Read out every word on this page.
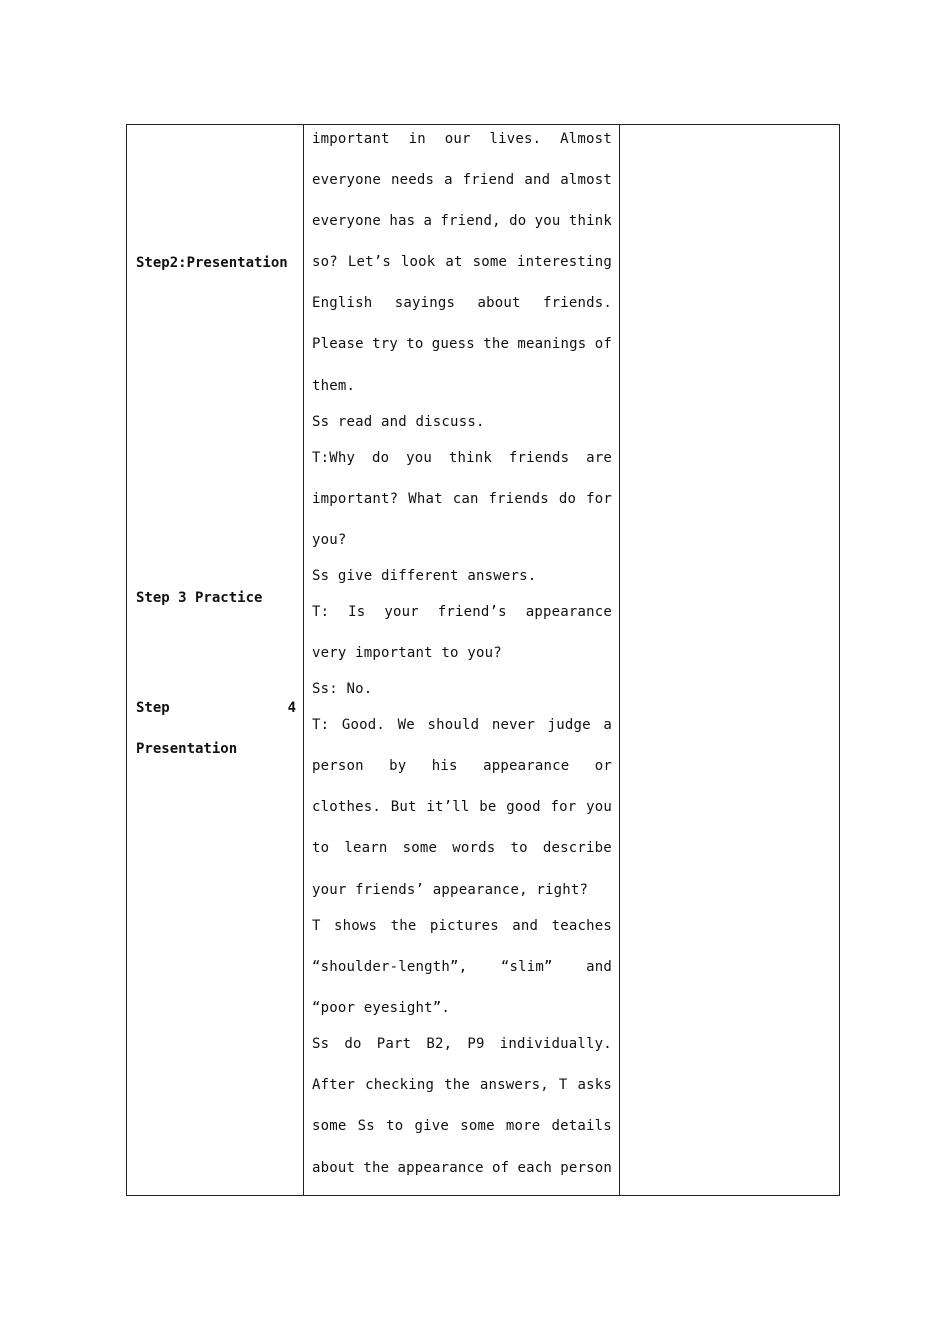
Step2:Presentation
Step 3 Practice
Step	4
Presentation
important in our lives. Almost
everyone needs a friend and almost
everyone has a friend, do you think
so? Let’s look at some interesting
English sayings about friends.
Please try to guess the meanings of
them.
Ss read and discuss.
T:Why do you think friends are
important? What can friends do for
you?
Ss give different answers.
T: Is your friend’s appearance
very important to you?
Ss: No.
T: Good. We should never judge a
person by his appearance or
clothes. But it’ll be good for you
to learn some words to describe
your friends’ appearance, right?
T shows the pictures and teaches
“shoulder-length”, “slim” and
“poor eyesight”.
Ss do Part B2, P9 individually.
After checking the answers, T asks
some Ss to give some more details
about the appearance of each person
